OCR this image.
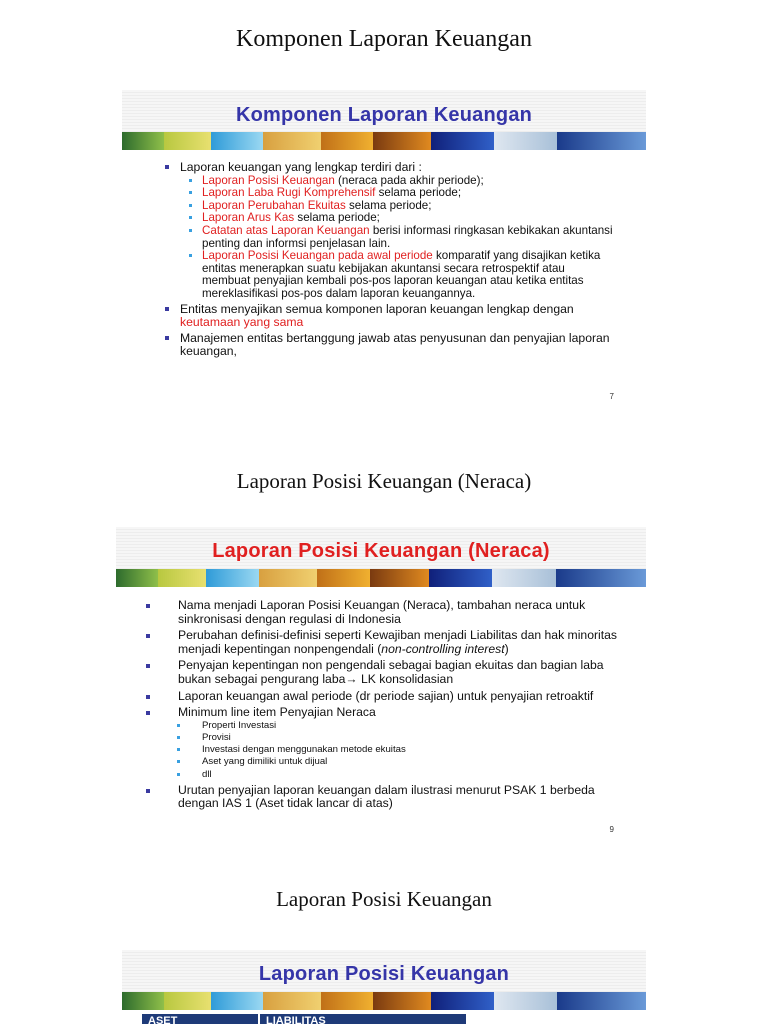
Komponen Laporan Keuangan
Laporan Posisi Keuangan (Neraca)
Laporan Posisi Keuangan
Komponen Laporan Keuangan
Laporan keuangan yang lengkap terdiri dari :
Laporan Posisi Keuangan (neraca pada akhir periode);
Laporan Laba Rugi Komprehensif selama periode;
Laporan Perubahan Ekuitas selama periode;
Laporan Arus Kas selama periode;
Catatan atas Laporan Keuangan berisi informasi ringkasan kebikakan akuntansi penting dan informsi penjelasan lain.
Laporan Posisi Keuangan pada awal periode komparatif yang disajikan ketika entitas menerapkan suatu kebijakan akuntansi secara retrospektif atau membuat penyajian kembali pos-pos laporan keuangan atau ketika entitas mereklasifikasi pos-pos dalam laporan keuangannya.
Entitas menyajikan semua komponen laporan keuangan lengkap dengan keutamaan yang sama
Manajemen entitas bertanggung jawab atas penyusunan dan penyajian laporan keuangan,
7
Laporan Posisi Keuangan (Neraca)
Nama menjadi Laporan Posisi Keuangan (Neraca), tambahan neraca untuk sinkronisasi dengan regulasi di Indonesia
Perubahan definisi-definisi seperti Kewajiban menjadi Liabilitas dan hak minoritas menjadi kepentingan nonpengendali (non-controlling interest)
Penyajan kepentingan non pengendali sebagai bagian ekuitas dan bagian laba bukan sebagai pengurang laba→ LK konsolidasian
Laporan keuangan awal periode (dr periode sajian) untuk penyajian retroaktif
Minimum line item Penyajian Neraca
Properti Investasi
Provisi
Investasi dengan menggunakan metode ekuitas
Aset yang dimiliki untuk dijual
dll
Urutan penyajian laporan keuangan dalam ilustrasi menurut PSAK 1 berbeda dengan IAS 1 (Aset tidak lancar di atas)
9
Laporan Posisi Keuangan
ASET	LIABILITAS
